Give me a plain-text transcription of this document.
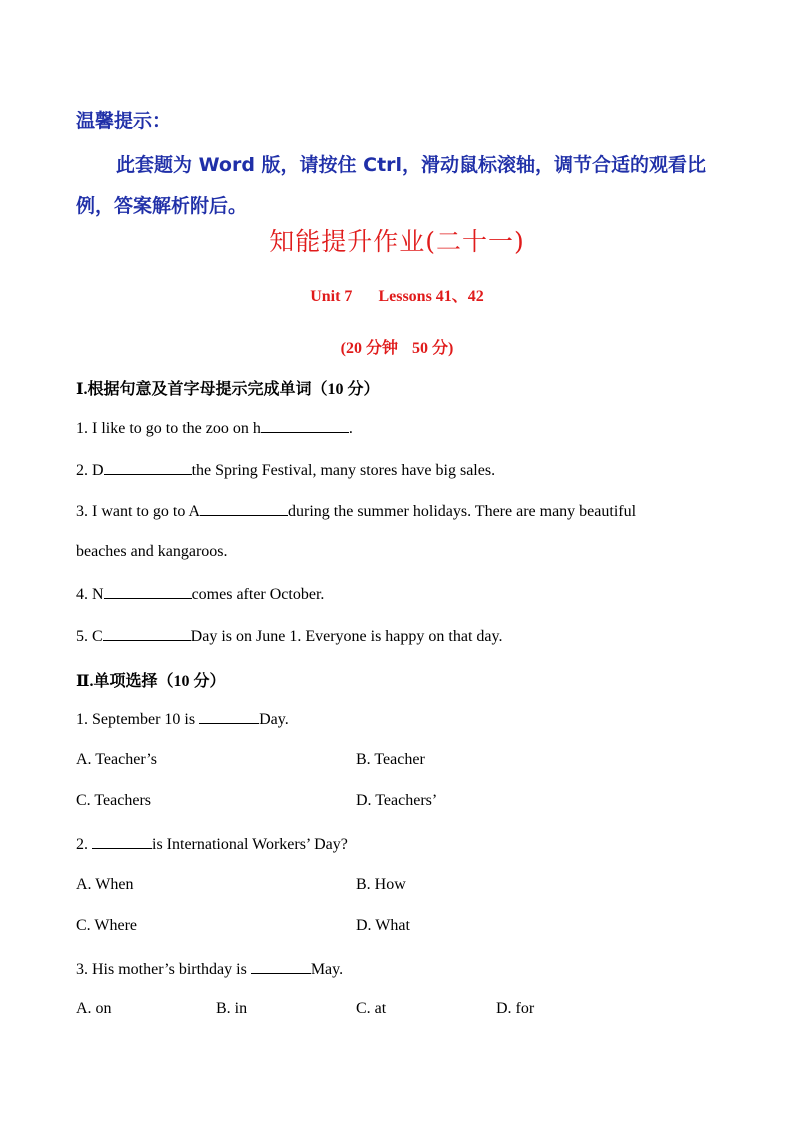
温馨提示：
此套题为 Word 版，请按住 Ctrl，滑动鼠标滚轴，调节合适的观看比例，答案解析附后。
知能提升作业(二十一)
Unit 7 Lessons 41、42
(20 分钟 50 分)
Ⅰ.根据句意及首字母提示完成单词（10 分）
1. I like to go to the zoo on h	.
2. D	the Spring Festival, many stores have big sales.
3. I want to go to A	during the summer holidays. There are many beautiful
beaches and kangaroos.
4. N	comes after October.
5. C	Day is on June 1. Everyone is happy on that day.
Ⅱ.单项选择（10 分）
1. September 10 is	Day.
A. Teacher’s	B. Teacher
C. Teachers	D. Teachers’
2.	is International Workers’ Day?
A. When	B. How
C. Where	D. What
3. His mother’s birthday is	May.
A. on	B. in	C. at	D. for
